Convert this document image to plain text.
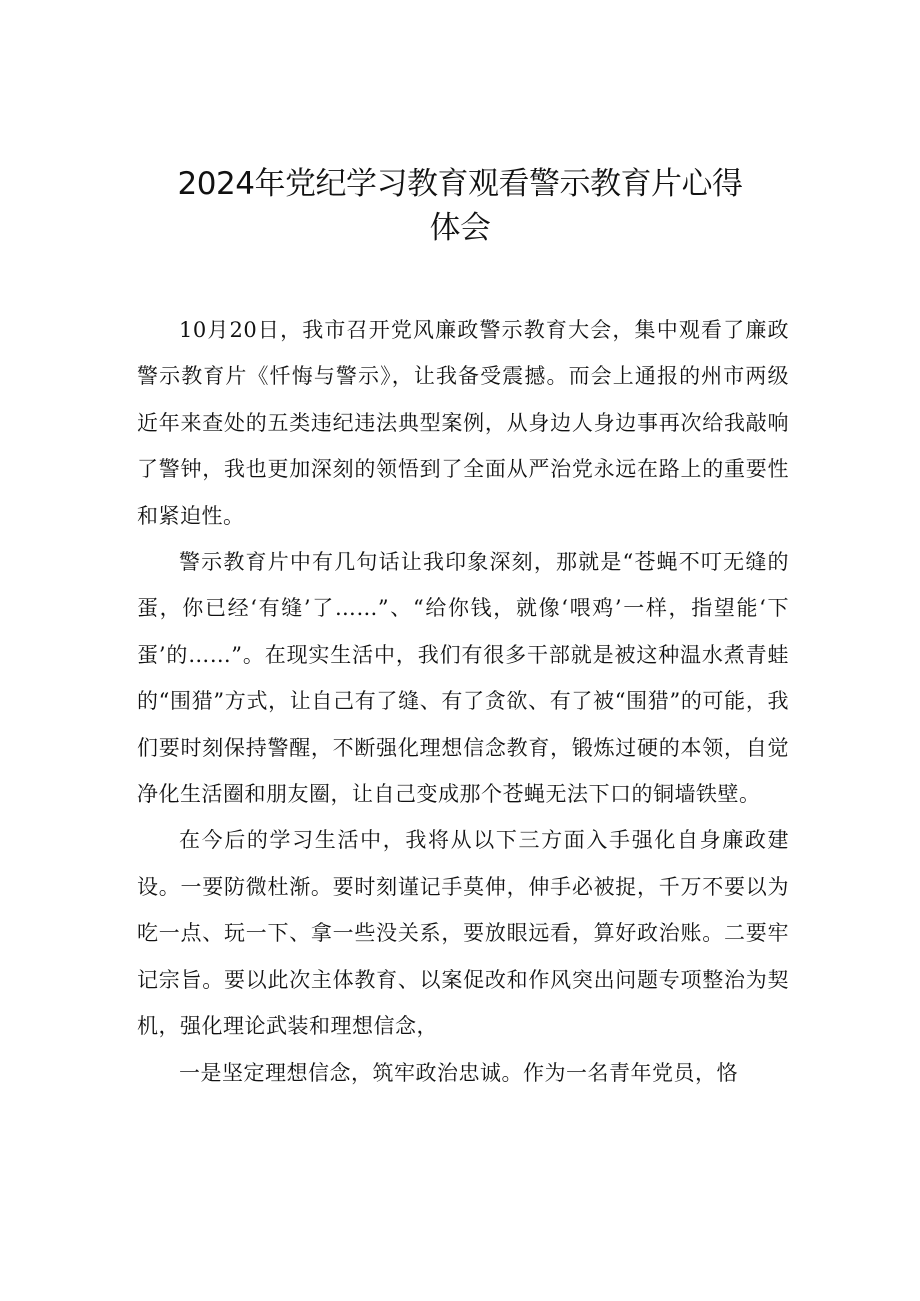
2024年党纪学习教育观看警示教育片心得
体会

10月20日，我市召开党风廉政警示教育大会，集中观看了廉政警示教育片《忏悔与警示》，让我备受震撼。而会上通报的州市两级近年来查处的五类违纪违法典型案例，从身边人身边事再次给我敲响了警钟，我也更加深刻的领悟到了全面从严治党永远在路上的重要性和紧迫性。

警示教育片中有几句话让我印象深刻，那就是“苍蝇不叮无缝的蛋，你已经‘有缝’了……”、“给你钱，就像‘喂鸡’一样，指望能‘下蛋’的……”。在现实生活中，我们有很多干部就是被这种温水煮青蛙的“围猎”方式，让自己有了缝、有了贪欲、有了被“围猎”的可能，我们要时刻保持警醒，不断强化理想信念教育，锻炼过硬的本领，自觉净化生活圈和朋友圈，让自己变成那个苍蝇无法下口的铜墙铁壁。

在今后的学习生活中，我将从以下三方面入手强化自身廉政建设。一要防微杜渐。要时刻谨记手莫伸，伸手必被捉，千万不要以为吃一点、玩一下、拿一些没关系，要放眼远看，算好政治账。二要牢记宗旨。要以此次主体教育、以案促改和作风突出问题专项整治为契机，强化理论武装和理想信念，

一是坚定理想信念，筑牢政治忠诚。作为一名青年党员，恪
